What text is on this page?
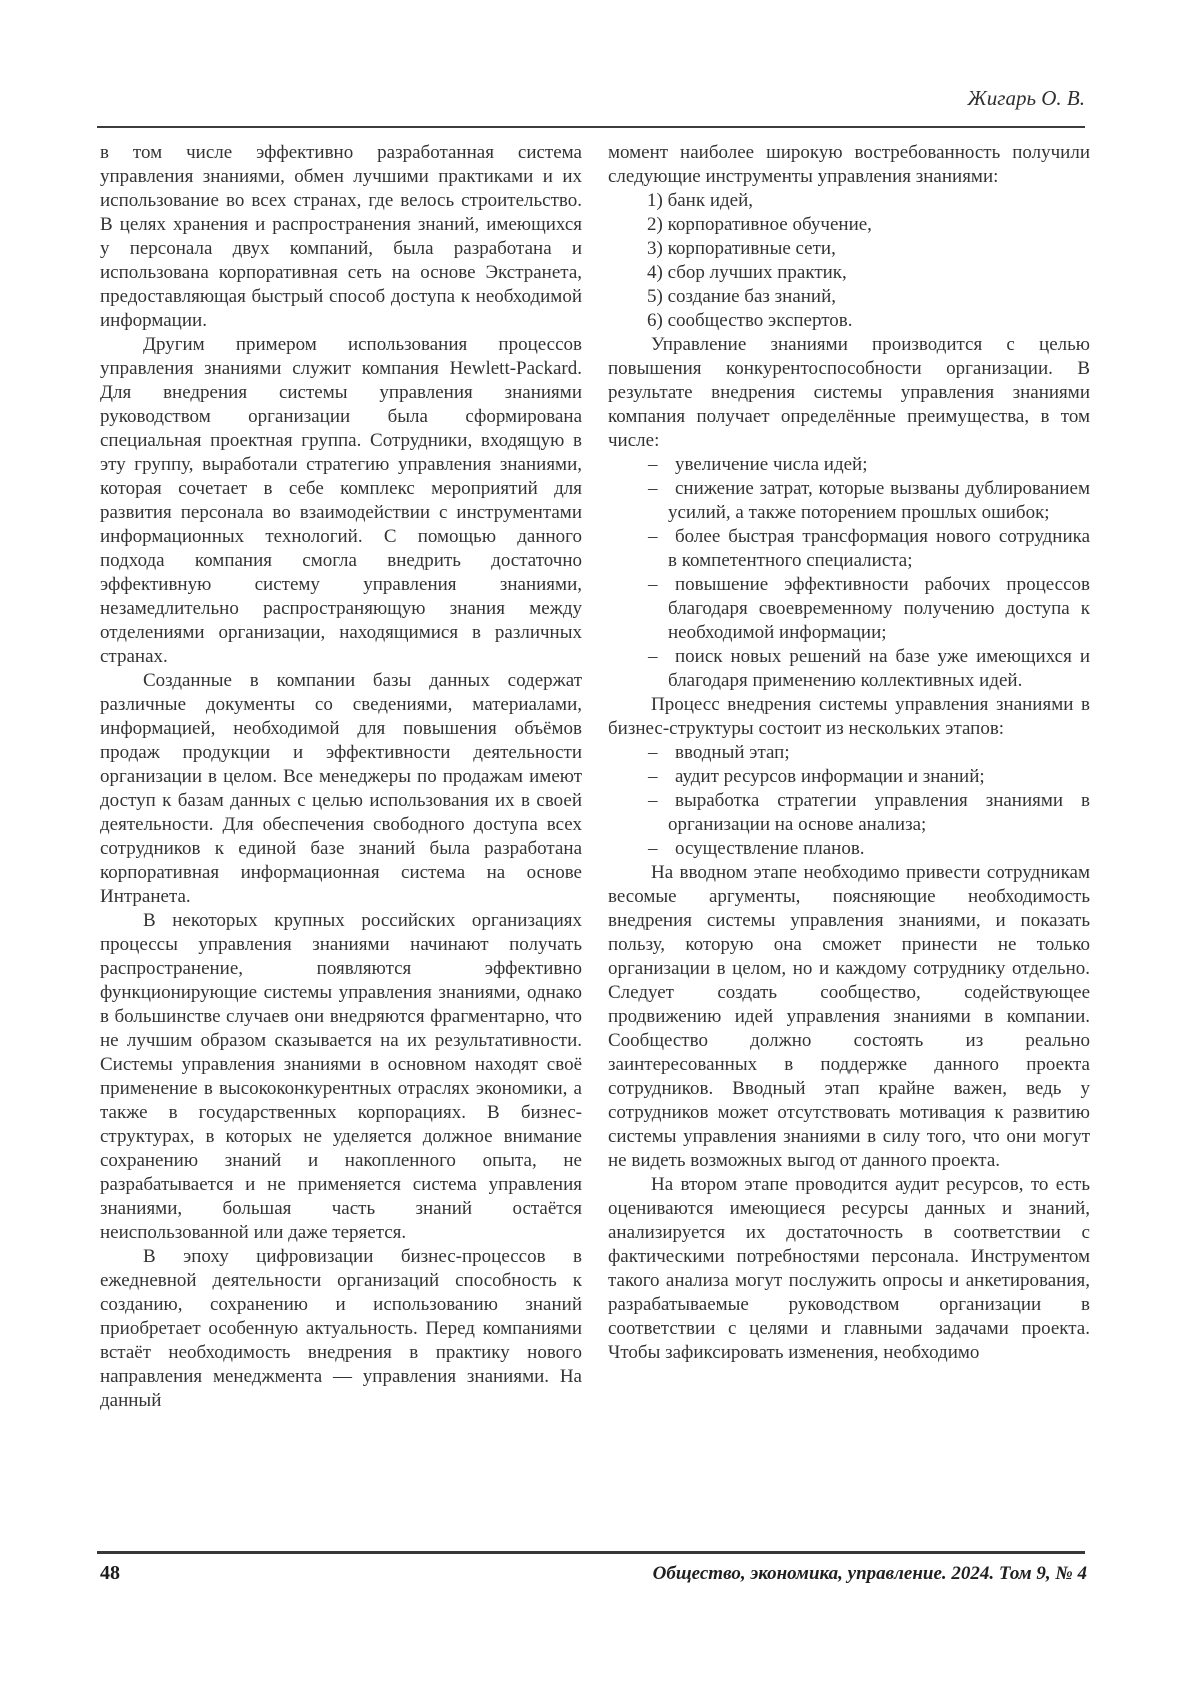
Жигарь О. В.

в том числе эффективно разработанная система управления знаниями, обмен лучшими практиками и их использование во всех странах, где велось строительство. В целях хранения и распространения знаний, имеющихся у персонала двух компаний, была разработана и использована корпоративная сеть на основе Экстранета, предоставляющая быстрый способ доступа к необходимой информации.

Другим примером использования процессов управления знаниями служит компания Hewlett-Packard. Для внедрения системы управления знаниями руководством организации была сформирована специальная проектная группа. Сотрудники, входящую в эту группу, выработали стратегию управления знаниями, которая сочетает в себе комплекс мероприятий для развития персонала во взаимодействии с инструментами информационных технологий. С помощью данного подхода компания смогла внедрить достаточно эффективную систему управления знаниями, незамедлительно распространяющую знания между отделениями организации, находящимися в различных странах.

Созданные в компании базы данных содержат различные документы со сведениями, материалами, информацией, необходимой для повышения объёмов продаж продукции и эффективности деятельности организации в целом. Все менеджеры по продажам имеют доступ к базам данных с целью использования их в своей деятельности. Для обеспечения свободного доступа всех сотрудников к единой базе знаний была разработана корпоративная информационная система на основе Интранета.

В некоторых крупных российских организациях процессы управления знаниями начинают получать распространение, появляются эффективно функционирующие системы управления знаниями, однако в большинстве случаев они внедряются фрагментарно, что не лучшим образом сказывается на их результативности. Системы управления знаниями в основном находят своё применение в высококонкурентных отраслях экономики, а также в государственных корпорациях. В бизнес-структурах, в которых не уделяется должное внимание сохранению знаний и накопленного опыта, не разрабатывается и не применяется система управления знаниями, большая часть знаний остаётся неиспользованной или даже теряется.

В эпоху цифровизации бизнес-процессов в ежедневной деятельности организаций способность к созданию, сохранению и использованию знаний приобретает особенную актуальность. Перед компаниями встаёт необходимость внедрения в практику нового направления менеджмента — управления знаниями. На данный

момент наиболее широкую востребованность получили следующие инструменты управления знаниями:

1) банк идей,

2) корпоративное обучение,

3) корпоративные сети,

4) сбор лучших практик,

5) создание баз знаний,

6) сообщество экспертов.

Управление знаниями производится с целью повышения конкурентоспособности организации. В результате внедрения системы управления знаниями компания получает определённые преимущества, в том числе:

– увеличение числа идей;
– снижение затрат, которые вызваны дублированием усилий, а также поторением прошлых ошибок;
– более быстрая трансформация нового сотрудника в компетентного специалиста;
– повышение эффективности рабочих процессов благодаря своевременному получению доступа к необходимой информации;
– поиск новых решений на базе уже имеющихся и благодаря применению коллективных идей.

Процесс внедрения системы управления знаниями в бизнес-структуры состоит из нескольких этапов:

– вводный этап;
– аудит ресурсов информации и знаний;
– выработка стратегии управления знаниями в организации на основе анализа;
– осуществление планов.

На вводном этапе необходимо привести сотрудникам весомые аргументы, поясняющие необходимость внедрения системы управления знаниями, и показать пользу, которую она сможет принести не только организации в целом, но и каждому сотруднику отдельно. Следует создать сообщество, содействующее продвижению идей управления знаниями в компании. Сообщество должно состоять из реально заинтересованных в поддержке данного проекта сотрудников. Вводный этап крайне важен, ведь у сотрудников может отсутствовать мотивация к развитию системы управления знаниями в силу того, что они могут не видеть возможных выгод от данного проекта.

На втором этапе проводится аудит ресурсов, то есть оцениваются имеющиеся ресурсы данных и знаний, анализируется их достаточность в соответствии с фактическими потребностями персонала. Инструментом такого анализа могут послужить опросы и анкетирования, разрабатываемые руководством организации в соответствии с целями и главными задачами проекта. Чтобы зафиксировать изменения, необходимо

48	Общество, экономика, управление. 2024. Том 9, № 4
